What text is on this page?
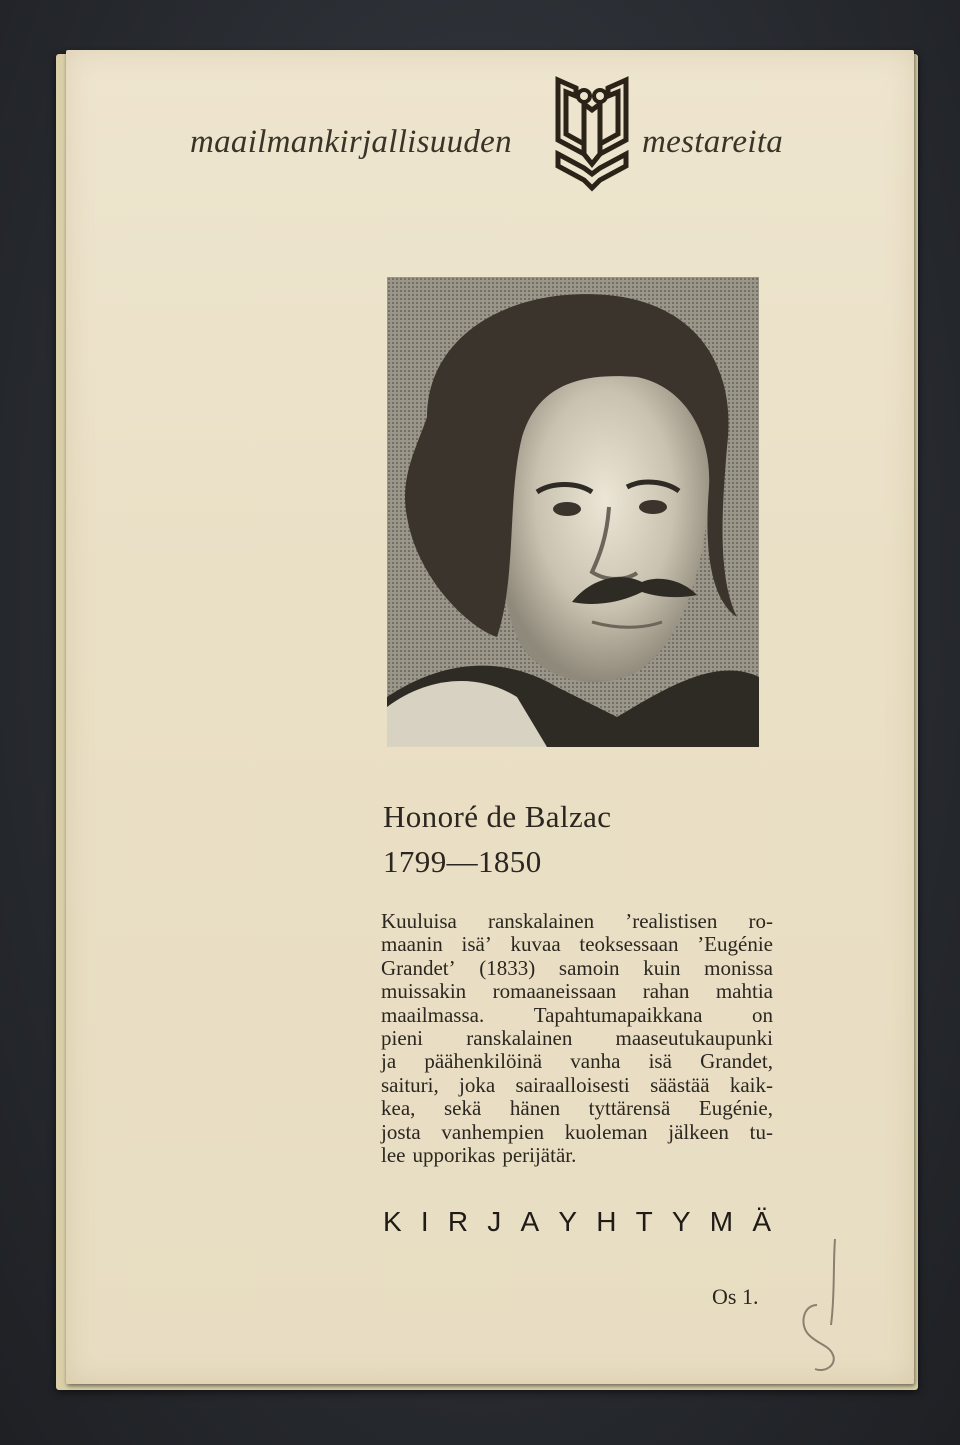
maailmankirjallisuuden	mestareita
Honoré de Balzac
1799—1850
Kuuluisa ranskalainen ’realistisen ro-
maanin isä’ kuvaa teoksessaan ’Eugénie
Grandet’ (1833) samoin kuin monissa
muissakin romaaneissaan rahan mahtia
maailmassa. Tapahtumapaikkana on
pieni ranskalainen maaseutukaupunki
ja päähenkilöinä vanha isä Grandet,
saituri, joka sairaalloisesti säästää kaik-
kea, sekä hänen tyttärensä Eugénie,
josta vanhempien kuoleman jälkeen tu-
lee upporikas perijätär.
K I R J A Y H T Y M Ä
Os 1.
